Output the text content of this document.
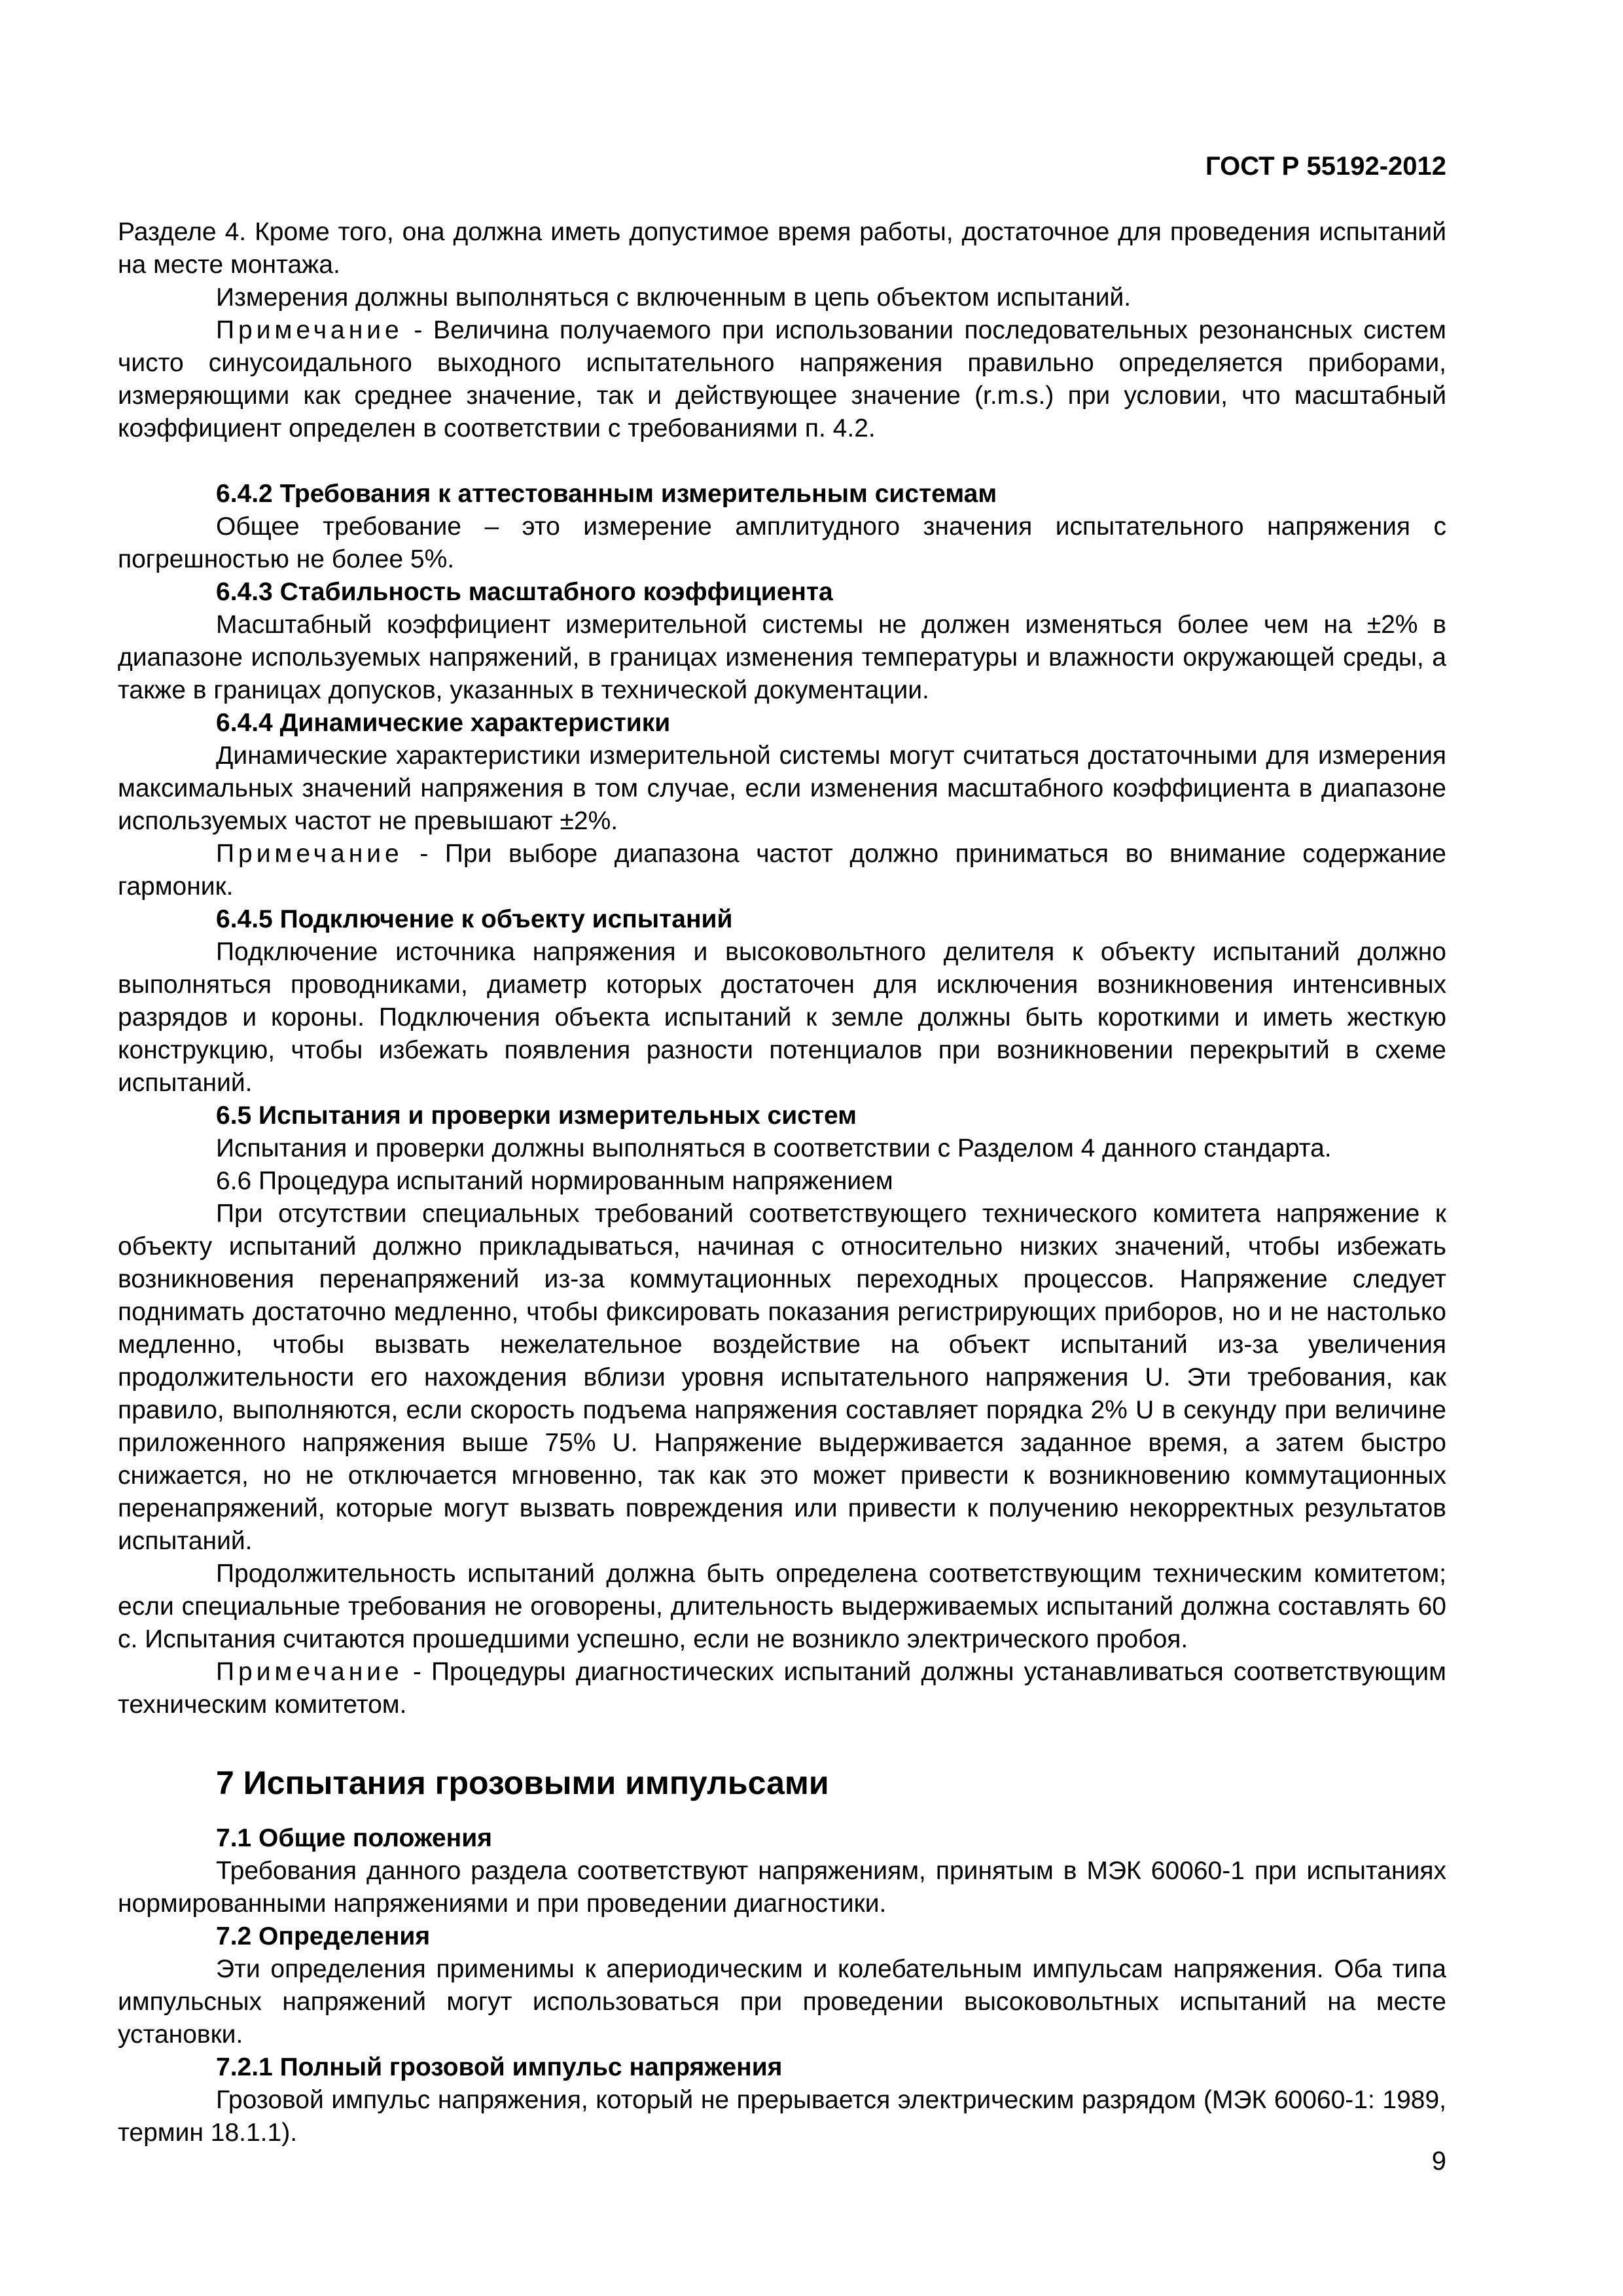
ГОСТ Р 55192-2012

Разделе 4. Кроме того, она должна иметь допустимое время работы, достаточное для проведения испытаний на месте монтажа.

Измерения должны выполняться с включенным в цепь объектом испытаний.

Примечание - Величина получаемого при использовании последовательных резонансных систем чисто синусоидального выходного испытательного напряжения правильно определяется приборами, измеряющими как среднее значение, так и действующее значение (r.m.s.) при условии, что масштабный коэффициент определен в соответствии с требованиями п. 4.2.

6.4.2 Требования к аттестованным измерительным системам

Общее требование – это измерение амплитудного значения испытательного напряжения с погрешностью не более 5%.

6.4.3 Стабильность масштабного коэффициента

Масштабный коэффициент измерительной системы не должен изменяться более чем на ±2% в диапазоне используемых напряжений, в границах изменения температуры и влажности окружающей среды, а также в границах допусков, указанных в технической документации.

6.4.4 Динамические характеристики

Динамические характеристики измерительной системы могут считаться достаточными для измерения максимальных значений напряжения в том случае, если изменения масштабного коэффициента в диапазоне используемых частот не превышают ±2%.

Примечание - При выборе диапазона частот должно приниматься во внимание содержание гармоник.

6.4.5 Подключение к объекту испытаний

Подключение источника напряжения и высоковольтного делителя к объекту испытаний должно выполняться проводниками, диаметр которых достаточен для исключения возникновения интенсивных разрядов и короны. Подключения объекта испытаний к земле должны быть короткими и иметь жесткую конструкцию, чтобы избежать появления разности потенциалов при возникновении перекрытий в схеме испытаний.

6.5 Испытания и проверки измерительных систем

Испытания и проверки должны выполняться в соответствии с Разделом 4 данного стандарта.

6.6 Процедура испытаний нормированным напряжением

При отсутствии специальных требований соответствующего технического комитета напряжение к объекту испытаний должно прикладываться, начиная с относительно низких значений, чтобы избежать возникновения перенапряжений из-за коммутационных переходных процессов. Напряжение следует поднимать достаточно медленно, чтобы фиксировать показания регистрирующих приборов, но и не настолько медленно, чтобы вызвать нежелательное воздействие на объект испытаний из-за увеличения продолжительности его нахождения вблизи уровня испытательного напряжения U. Эти требования, как правило, выполняются, если скорость подъема напряжения составляет порядка 2% U в секунду при величине приложенного напряжения выше 75% U. Напряжение выдерживается заданное время, а затем быстро снижается, но не отключается мгновенно, так как это может привести к возникновению коммутационных перенапряжений, которые могут вызвать повреждения или привести к получению некорректных результатов испытаний.

Продолжительность испытаний должна быть определена соответствующим техническим комитетом; если специальные требования не оговорены, длительность выдерживаемых испытаний должна составлять 60 с. Испытания считаются прошедшими успешно, если не возникло электрического пробоя.

Примечание - Процедуры диагностических испытаний должны устанавливаться соответствующим техническим комитетом.

7 Испытания грозовыми импульсами

7.1 Общие положения

Требования данного раздела соответствуют напряжениям, принятым в МЭК 60060-1 при испытаниях нормированными напряжениями и при проведении диагностики.

7.2 Определения

Эти определения применимы к апериодическим и колебательным импульсам напряжения. Оба типа импульсных напряжений могут использоваться при проведении высоковольтных испытаний на месте установки.

7.2.1 Полный грозовой импульс напряжения

Грозовой импульс напряжения, который не прерывается электрическим разрядом (МЭК 60060-1: 1989, термин 18.1.1).

9
